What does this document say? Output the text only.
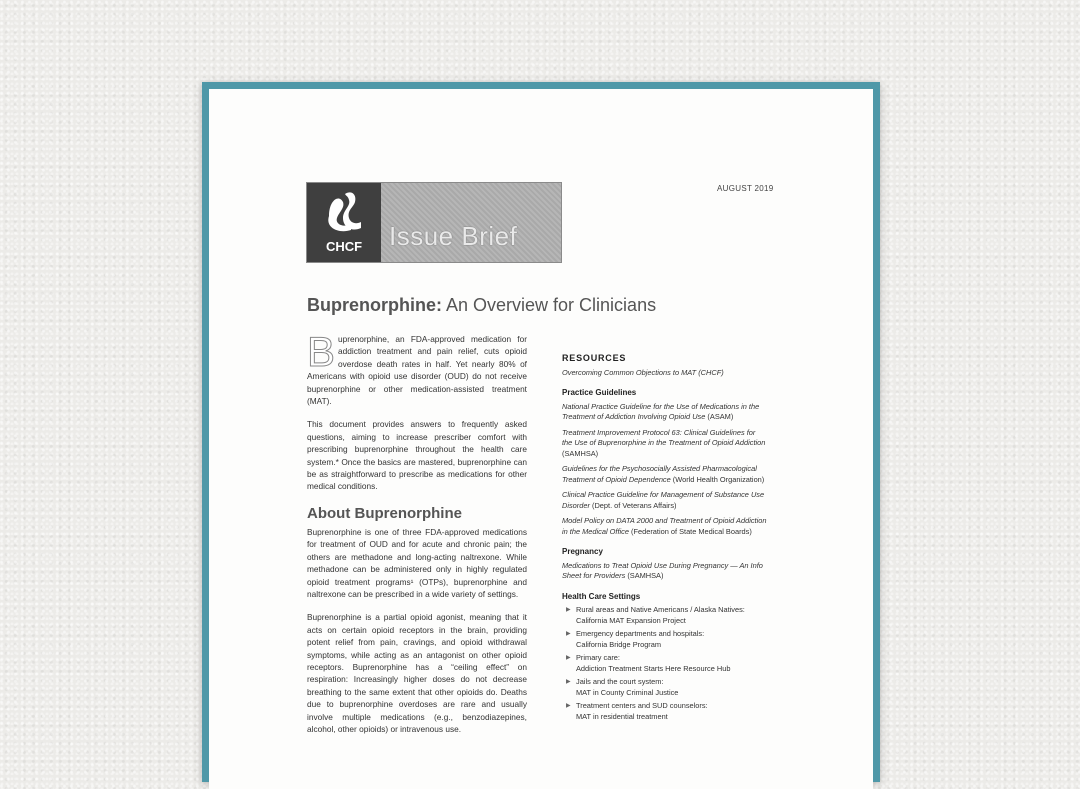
AUGUST 2019
CHCF	Issue Brief
Buprenorphine: An Overview for Clinicians

Buprenorphine, an FDA-approved medication for addiction treatment and pain relief, cuts opioid overdose death rates in half. Yet nearly 80% of Americans with opioid use disorder (OUD) do not receive buprenorphine or other medication-assisted treatment (MAT).

This document provides answers to frequently asked questions, aiming to increase prescriber comfort with prescribing buprenorphine throughout the health care system.* Once the basics are mastered, buprenorphine can be as straightforward to prescribe as medications for other medical conditions.

About Buprenorphine

Buprenorphine is one of three FDA-approved medications for treatment of OUD and for acute and chronic pain; the others are methadone and long-acting naltrexone. While methadone can be administered only in highly regulated opioid treatment programs¹ (OTPs), buprenorphine and naltrexone can be prescribed in a wide variety of settings.

Buprenorphine is a partial opioid agonist, meaning that it acts on certain opioid receptors in the brain, providing potent relief from pain, cravings, and opioid withdrawal symptoms, while acting as an antagonist on other opioid receptors. Buprenorphine has a “ceiling effect” on respiration: Increasingly higher doses do not decrease breathing to the same extent that other opioids do. Deaths due to buprenorphine overdoses are rare and usually involve multiple medications (e.g., benzodiazepines, alcohol, other opioids) or intravenous use.

RESOURCES
Overcoming Common Objections to MAT (CHCF)
Practice Guidelines
National Practice Guideline for the Use of Medications in the Treatment of Addiction Involving Opioid Use (ASAM)
Treatment Improvement Protocol 63: Clinical Guidelines for the Use of Buprenorphine in the Treatment of Opioid Addiction (SAMHSA)
Guidelines for the Psychosocially Assisted Pharmacological Treatment of Opioid Dependence (World Health Organization)
Clinical Practice Guideline for Management of Substance Use Disorder (Dept. of Veterans Affairs)
Model Policy on DATA 2000 and Treatment of Opioid Addiction in the Medical Office (Federation of State Medical Boards)
Pregnancy
Medications to Treat Opioid Use During Pregnancy — An Info Sheet for Providers (SAMHSA)
Health Care Settings
▶ Rural areas and Native Americans / Alaska Natives:
California MAT Expansion Project
▶ Emergency departments and hospitals:
California Bridge Program
▶ Primary care:
Addiction Treatment Starts Here Resource Hub
▶ Jails and the court system:
MAT in County Criminal Justice
▶ Treatment centers and SUD counselors:
MAT in residential treatment
